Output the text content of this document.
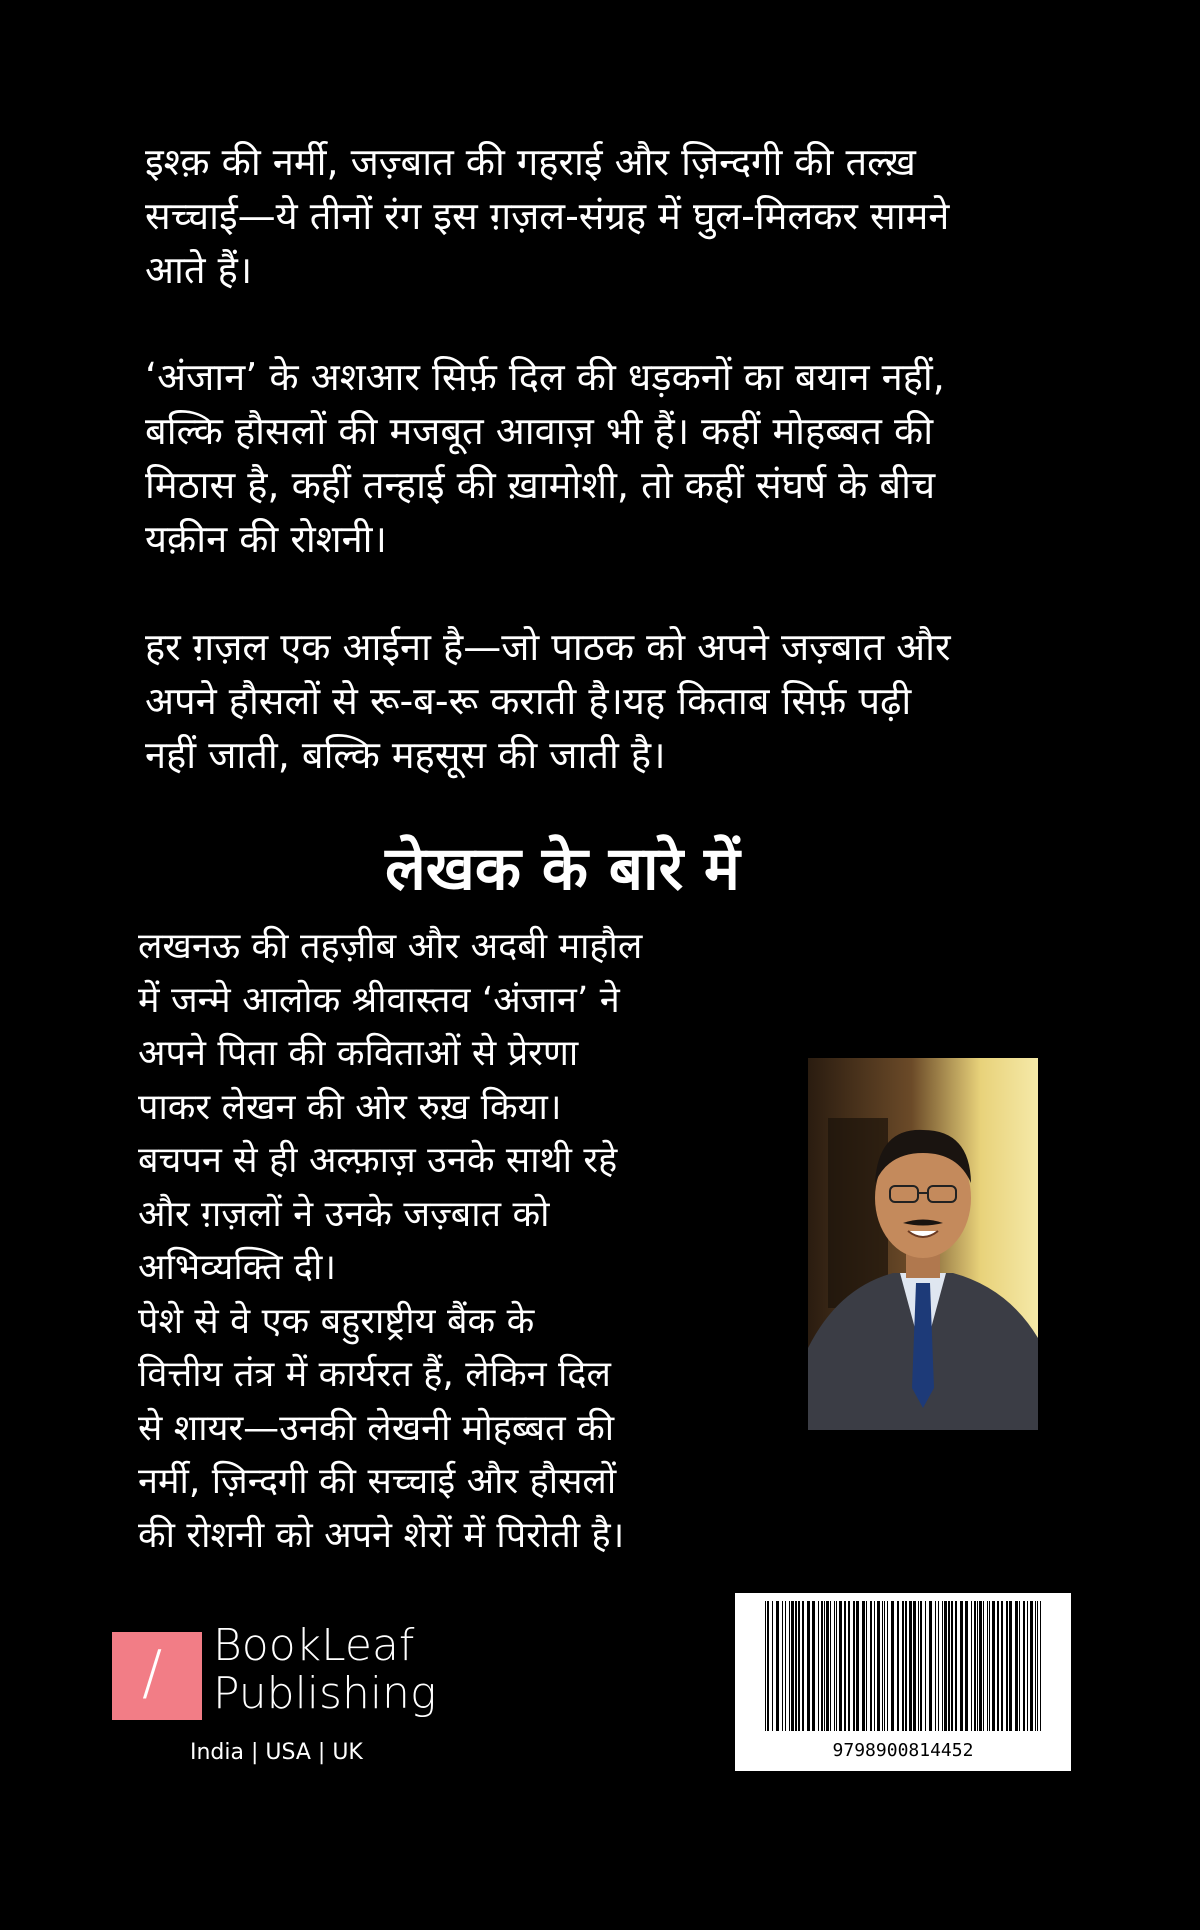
इश्क़ की नर्मी, जज़्बात की गहराई और ज़िन्दगी की तल्ख़
सच्चाई—ये तीनों रंग इस ग़ज़ल-संग्रह में घुल-मिलकर सामने
आते हैं।

‘अंजान’ के अशआर सिर्फ़ दिल की धड़कनों का बयान नहीं,
बल्कि हौसलों की मजबूत आवाज़ भी हैं। कहीं मोहब्बत की
मिठास है, कहीं तन्हाई की ख़ामोशी, तो कहीं संघर्ष के बीच
यक़ीन की रोशनी।

हर ग़ज़ल एक आईना है—जो पाठक को अपने जज़्बात और
अपने हौसलों से रू-ब-रू कराती है।यह किताब सिर्फ़ पढ़ी
नहीं जाती, बल्कि महसूस की जाती है।

लेखक के बारे में

लखनऊ की तहज़ीब और अदबी माहौल
में जन्मे आलोक श्रीवास्तव ‘अंजान’ ने
अपने पिता की कविताओं से प्रेरणा
पाकर लेखन की ओर रुख़ किया।
बचपन से ही अल्फ़ाज़ उनके साथी रहे
और ग़ज़लों ने उनके जज़्बात को
अभिव्यक्ति दी।
पेशे से वे एक बहुराष्ट्रीय बैंक के
वित्तीय तंत्र में कार्यरत हैं, लेकिन दिल
से शायर—उनकी लेखनी मोहब्बत की
नर्मी, ज़िन्दगी की सच्चाई और हौसलों
की रोशनी को अपने शेरों में पिरोती है।

/ BookLeaf
Publishing
India | USA | UK	9798900814452
